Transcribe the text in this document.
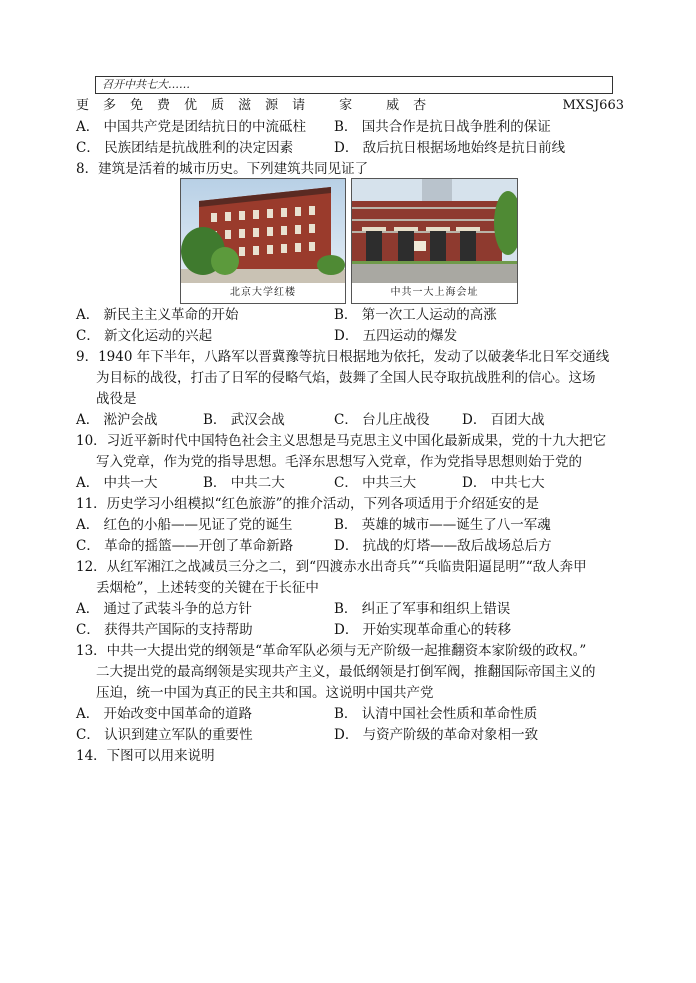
召开中共七大……
更 多 免 费 优 质 滋 源 请	家	威 杏	MXSJ663
A． 中国共产党是团结抗日的中流砥柱 B． 国共合作是抗日战争胜利的保证
C． 民族团结是抗战胜利的决定因素	D． 敌后抗日根据场地始终是抗日前线
8．建筑是活着的城市历史。下列建筑共同见证了
北京大学红楼	中共一大上海会址
A． 新民主主义革命的开始	B． 第一次工人运动的高涨
C． 新文化运动的兴起	D． 五四运动的爆发
9．1940 年下半年，八路军以晋冀豫等抗日根据地为依托，发动了以破袭华北日军交通线
为目标的战役，打击了日军的侵略气焰，鼓舞了全国人民夺取抗战胜利的信心。这场
战役是
A． 淞沪会战	B． 武汉会战	C． 台儿庄战役 D． 百团大战
10．习近平新时代中国特色社会主义思想是马克思主义中国化最新成果，党的十九大把它
写入党章，作为党的指导思想。毛泽东思想写入党章，作为党指导思想则始于党的
A． 中共一大	B． 中共二大	C． 中共三大	D． 中共七大
11．历史学习小组模拟“红色旅游”的推介活动，下列各项适用于介绍延安的是
A． 红色的小船——见证了党的诞生	B． 英雄的城市——诞生了八一军魂
C． 革命的摇篮——开创了革命新路	D． 抗战的灯塔——敌后战场总后方
12．从红军湘江之战减员三分之二，到“四渡赤水出奇兵”“兵临贵阳逼昆明”“敌人奔甲
丢烟枪”，上述转变的关键在于长征中
A． 通过了武装斗争的总方针	B． 纠正了军事和组织上错误
C． 获得共产国际的支持帮助	D． 开始实现革命重心的转移
13．中共一大提出党的纲领是“革命军队必须与无产阶级一起推翻资本家阶级的政权。”
二大提出党的最高纲领是实现共产主义，最低纲领是打倒军阀，推翻国际帝国主义的
压迫，统一中国为真正的民主共和国。这说明中国共产党
A． 开始改变中国革命的道路	B． 认清中国社会性质和革命性质
C． 认识到建立军队的重要性	D． 与资产阶级的革命对象相一致
14．下图可以用来说明
